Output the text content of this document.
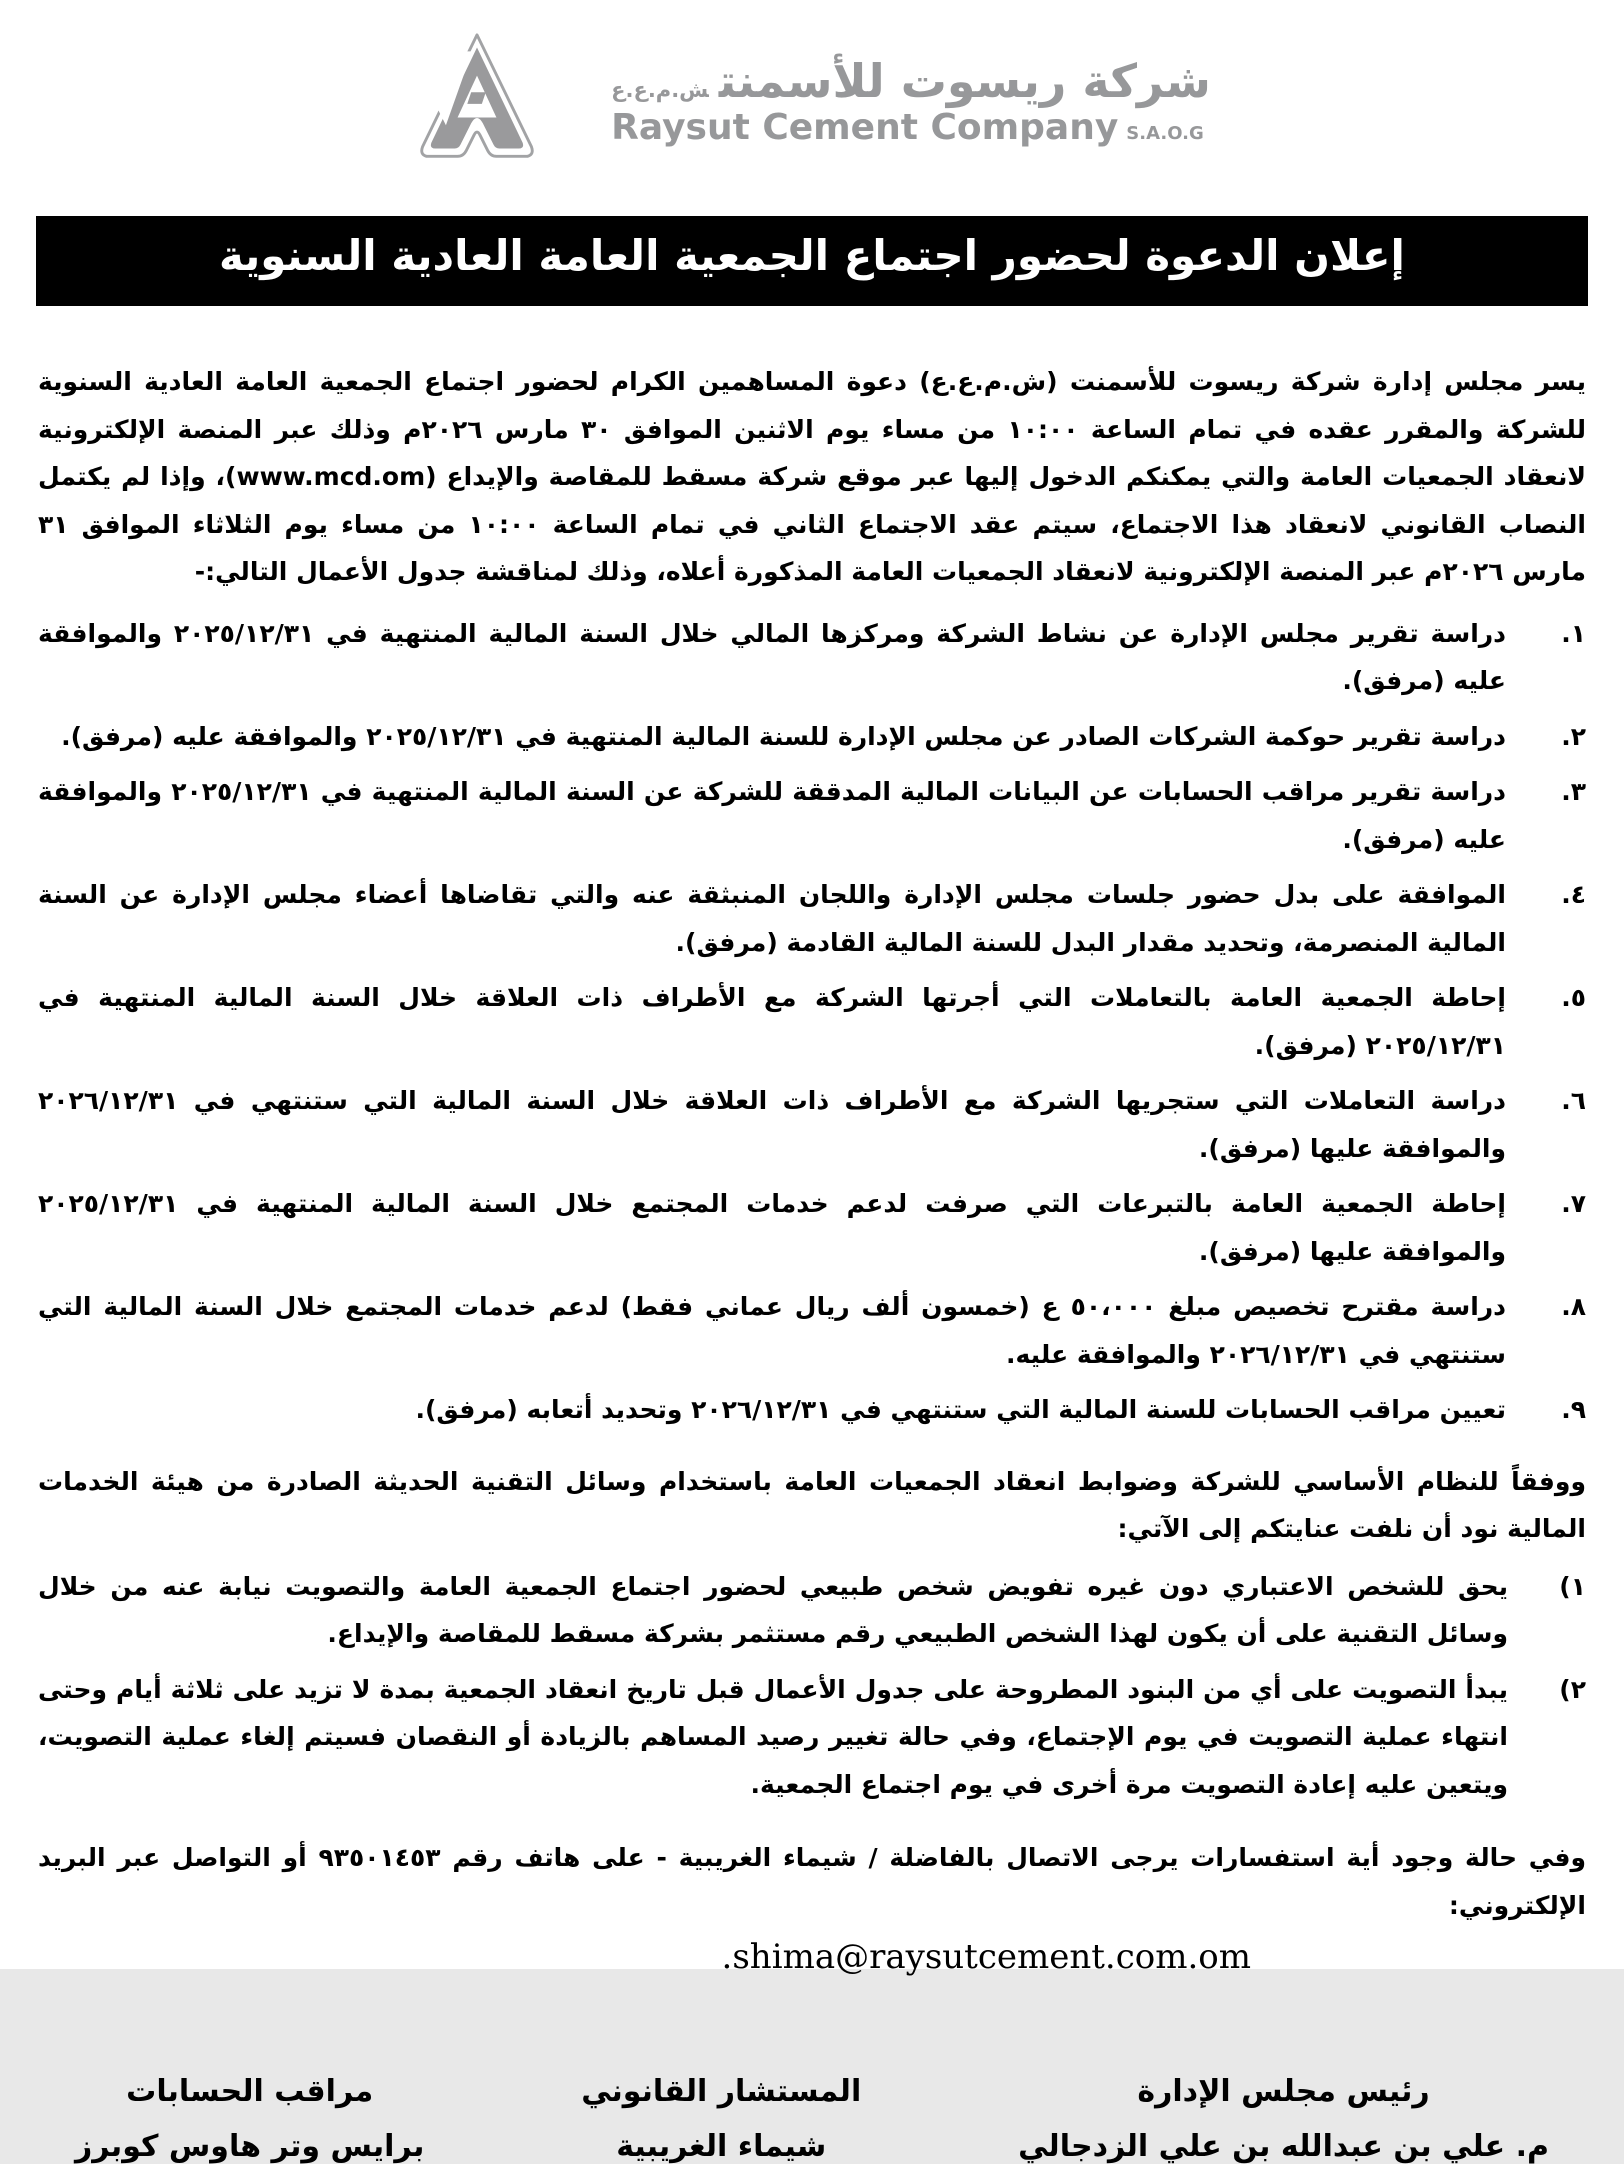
شركة ريسوت للأسمنتش.م.ع.ع
Raysut Cement Company S.A.O.G
إعلان الدعوة لحضور اجتماع الجمعية العامة العادية السنوية

يسر مجلس إدارة شركة ريسوت للأسمنت (ش.م.ع.ع) دعوة المساهمين الكرام لحضور اجتماع الجمعية العامة العادية السنوية للشركة والمقرر عقده في تمام الساعة ١٠:٠٠ من مساء يوم الاثنين الموافق ٣٠ مارس ٢٠٢٦م وذلك عبر المنصة الإلكترونية لانعقاد الجمعيات العامة والتي يمكنكم الدخول إليها عبر موقع شركة مسقط للمقاصة والإيداع (www.mcd.om)، وإذا لم يكتمل النصاب القانوني لانعقاد هذا الاجتماع، سيتم عقد الاجتماع الثاني في تمام الساعة ١٠:٠٠ من مساء يوم الثلاثاء الموافق ٣١ مارس ٢٠٢٦م عبر المنصة الإلكترونية لانعقاد الجمعيات العامة المذكورة أعلاه، وذلك لمناقشة جدول الأعمال التالي:-

١.
دراسة تقرير مجلس الإدارة عن نشاط الشركة ومركزها المالي خلال السنة المالية المنتهية في ٢٠٢٥/١٢/٣١ والموافقة عليه (مرفق).
٢.
دراسة تقرير حوكمة الشركات الصادر عن مجلس الإدارة للسنة المالية المنتهية في ٢٠٢٥/١٢/٣١ والموافقة عليه (مرفق).
٣.
دراسة تقرير مراقب الحسابات عن البيانات المالية المدققة للشركة عن السنة المالية المنتهية في ٢٠٢٥/١٢/٣١ والموافقة عليه (مرفق).
٤.
الموافقة على بدل حضور جلسات مجلس الإدارة واللجان المنبثقة عنه والتي تقاضاها أعضاء مجلس الإدارة عن السنة المالية المنصرمة، وتحديد مقدار البدل للسنة المالية القادمة (مرفق).
٥.
إحاطة الجمعية العامة بالتعاملات التي أجرتها الشركة مع الأطراف ذات العلاقة خلال السنة المالية المنتهية في ٢٠٢٥/١٢/٣١ (مرفق).
٦.
دراسة التعاملات التي ستجريها الشركة مع الأطراف ذات العلاقة خلال السنة المالية التي ستنتهي في ٢٠٢٦/١٢/٣١ والموافقة عليها (مرفق).
٧.
إحاطة الجمعية العامة بالتبرعات التي صرفت لدعم خدمات المجتمع خلال السنة المالية المنتهية في ٢٠٢٥/١٢/٣١ والموافقة عليها (مرفق).
٨.
دراسة مقترح تخصيص مبلغ ٥٠،٠٠٠ ع (خمسون ألف ريال عماني فقط) لدعم خدمات المجتمع خلال السنة المالية التي ستنتهي في ٢٠٢٦/١٢/٣١ والموافقة عليه.
٩.
تعيين مراقب الحسابات للسنة المالية التي ستنتهي في ٢٠٢٦/١٢/٣١ وتحديد أتعابه (مرفق).

ووفقاً للنظام الأساسي للشركة وضوابط انعقاد الجمعيات العامة باستخدام وسائل التقنية الحديثة الصادرة من هيئة الخدمات المالية نود أن نلفت عنايتكم إلى الآتي:

١)
يحق للشخص الاعتباري دون غيره تفويض شخص طبيعي لحضور اجتماع الجمعية العامة والتصويت نيابة عنه من خلال وسائل التقنية على أن يكون لهذا الشخص الطبيعي رقم مستثمر بشركة مسقط للمقاصة والإيداع.
٢)
يبدأ التصويت على أي من البنود المطروحة على جدول الأعمال قبل تاريخ انعقاد الجمعية بمدة لا تزيد على ثلاثة أيام وحتى انتهاء عملية التصويت في يوم الإجتماع، وفي حالة تغيير رصيد المساهم بالزيادة أو النقصان فسيتم إلغاء عملية التصويت، ويتعين عليه إعادة التصويت مرة أخرى في يوم اجتماع الجمعية.

وفي حالة وجود أية استفسارات يرجى الاتصال بالفاضلة / شيماء الغريبية - على هاتف رقم ٩٣٥٠١٤٥٣ أو التواصل عبر البريد الإلكتروني:

.shima@raysutcement.com.om

رئيس مجلس الإدارة
م. علي بن عبدالله بن علي الزدجالي
المستشار القانوني
شيماء الغريبية
مراقب الحسابات
برايس وتر هاوس كوبرز
